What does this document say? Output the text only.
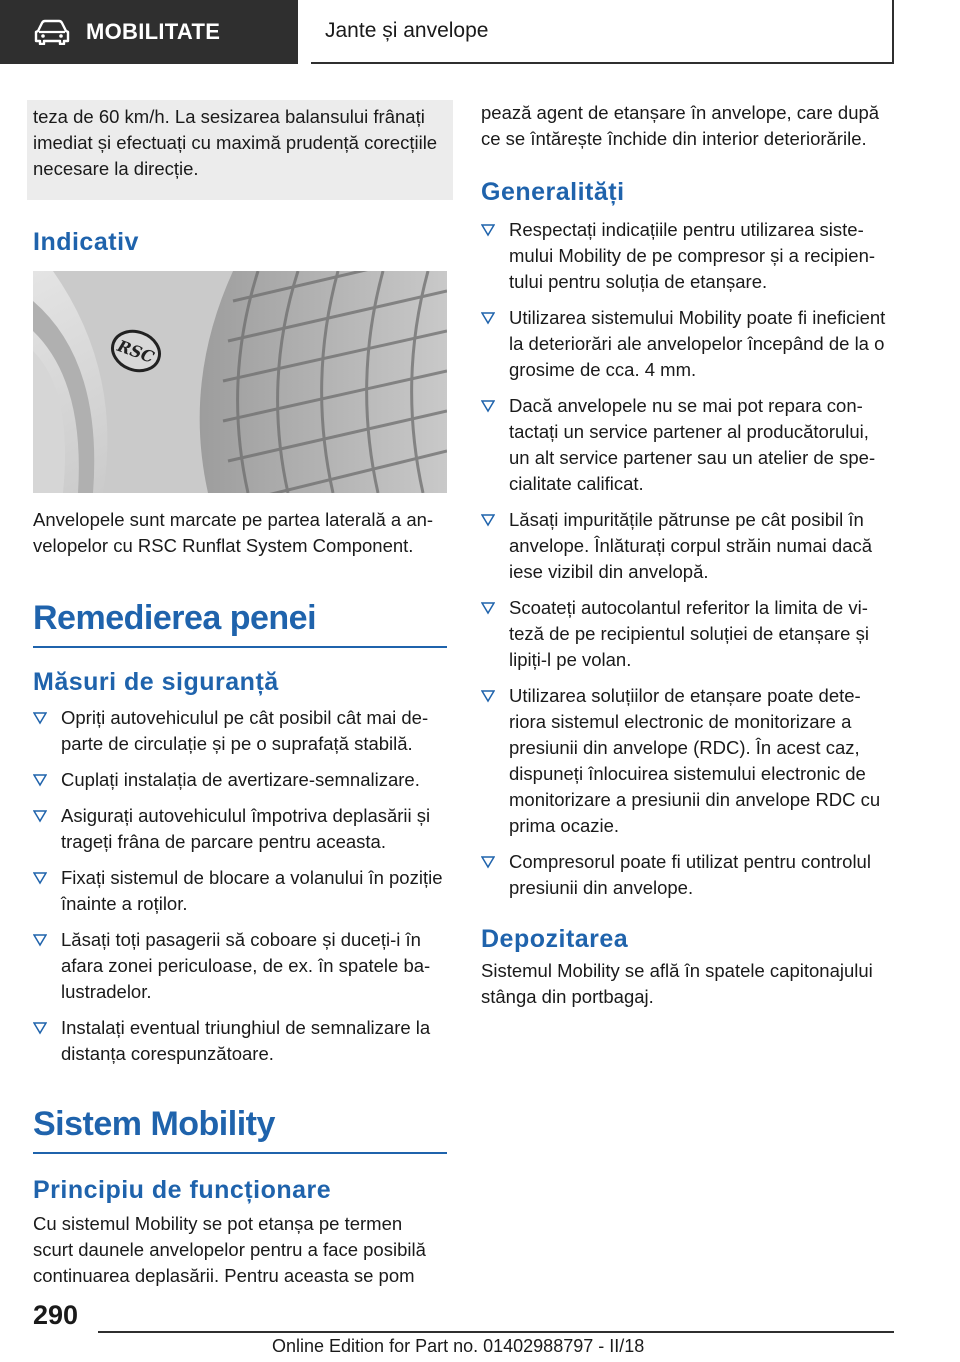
MOBILITATE	Jante și anvelope

teza de 60 km/h. La sesizarea balansului frânați imediat și efectuați cu maximă prudență corecțiile necesare la direcție.

Indicativ
RSC

Anvelopele sunt marcate pe partea laterală a anvelopelor cu RSC Runflat System Component.

Remedierea penei
Măsuri de siguranță
Opriți autovehiculul pe cât posibil cât mai departe de circulație și pe o suprafață stabilă.
Cuplați instalația de avertizare-semnalizare.
Asigurați autovehiculul împotriva deplasării și trageți frâna de parcare pentru aceasta.
Fixați sistemul de blocare a volanului în poziție înainte a roților.
Lăsați toți pasagerii să coboare și duceți-i în afara zonei periculoase, de ex. în spatele balustradelor.
Instalați eventual triunghiul de semnalizare la distanța corespunzătoare.
Sistem Mobility
Principiu de funcționare

Cu sistemul Mobility se pot etanșa pe termen scurt daunele anvelopelor pentru a face posibilă continuarea deplasării. Pentru aceasta se pom

pează agent de etanșare în anvelope, care după ce se întărește închide din interior deteriorările.

Generalități
Respectați indicațiile pentru utilizarea sistemului Mobility de pe compresor și a recipientului pentru soluția de etanșare.
Utilizarea sistemului Mobility poate fi ineficient la deteriorări ale anvelopelor începând de la o grosime de cca. 4 mm.
Dacă anvelopele nu se mai pot repara contactați un service partener al producătorului, un alt service partener sau un atelier de specialitate calificat.
Lăsați impuritățile pătrunse pe cât posibil în anvelope. Înlăturați corpul străin numai dacă iese vizibil din anvelopă.
Scoateți autocolantul referitor la limita de viteză de pe recipientul soluției de etanșare și lipiți-l pe volan.
Utilizarea soluțiilor de etanșare poate deteriora sistemul electronic de monitorizare a presiunii din anvelope (RDC). În acest caz, dispuneți înlocuirea sistemului electronic de monitorizare a presiunii din anvelope RDC cu prima ocazie.
Compresorul poate fi utilizat pentru controlul presiunii din anvelope.
Depozitarea

Sistemul Mobility se află în spatele capitonajului stânga din portbagaj.

290
Online Edition for Part no. 01402988797 - II/18
